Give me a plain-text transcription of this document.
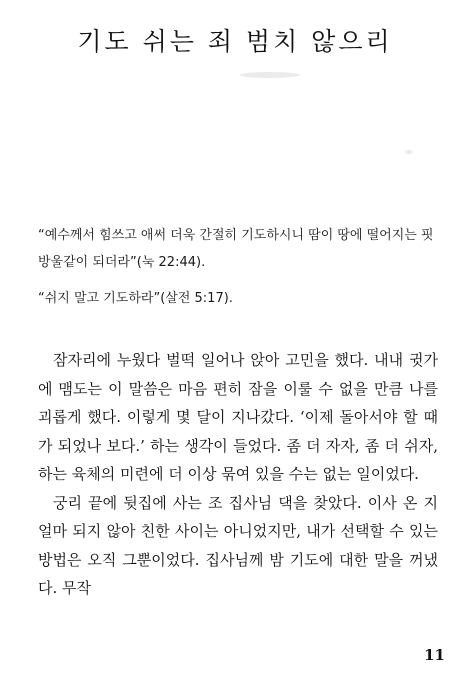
기도 쉬는 죄 범치 않으리

“예수께서 힘쓰고 애써 더욱 간절히 기도하시니 땀이 땅에 떨어지는 핏방울같이 되더라”(눅 22:44).

“쉬지 말고 기도하라”(살전 5:17).

잠자리에 누웠다 벌떡 일어나 앉아 고민을 했다. 내내 귓가에 맴도는 이 말씀은 마음 편히 잠을 이룰 수 없을 만큼 나를 괴롭게 했다. 이렇게 몇 달이 지나갔다. ‘이제 돌아서야 할 때가 되었나 보다.’ 하는 생각이 들었다. 좀 더 자자, 좀 더 쉬자, 하는 육체의 미련에 더 이상 묶여 있을 수는 없는 일이었다.

궁리 끝에 뒷집에 사는 조 집사님 댁을 찾았다. 이사 온 지 얼마 되지 않아 친한 사이는 아니었지만, 내가 선택할 수 있는 방법은 오직 그뿐이었다. 집사님께 밤 기도에 대한 말을 꺼냈다. 무작

11
